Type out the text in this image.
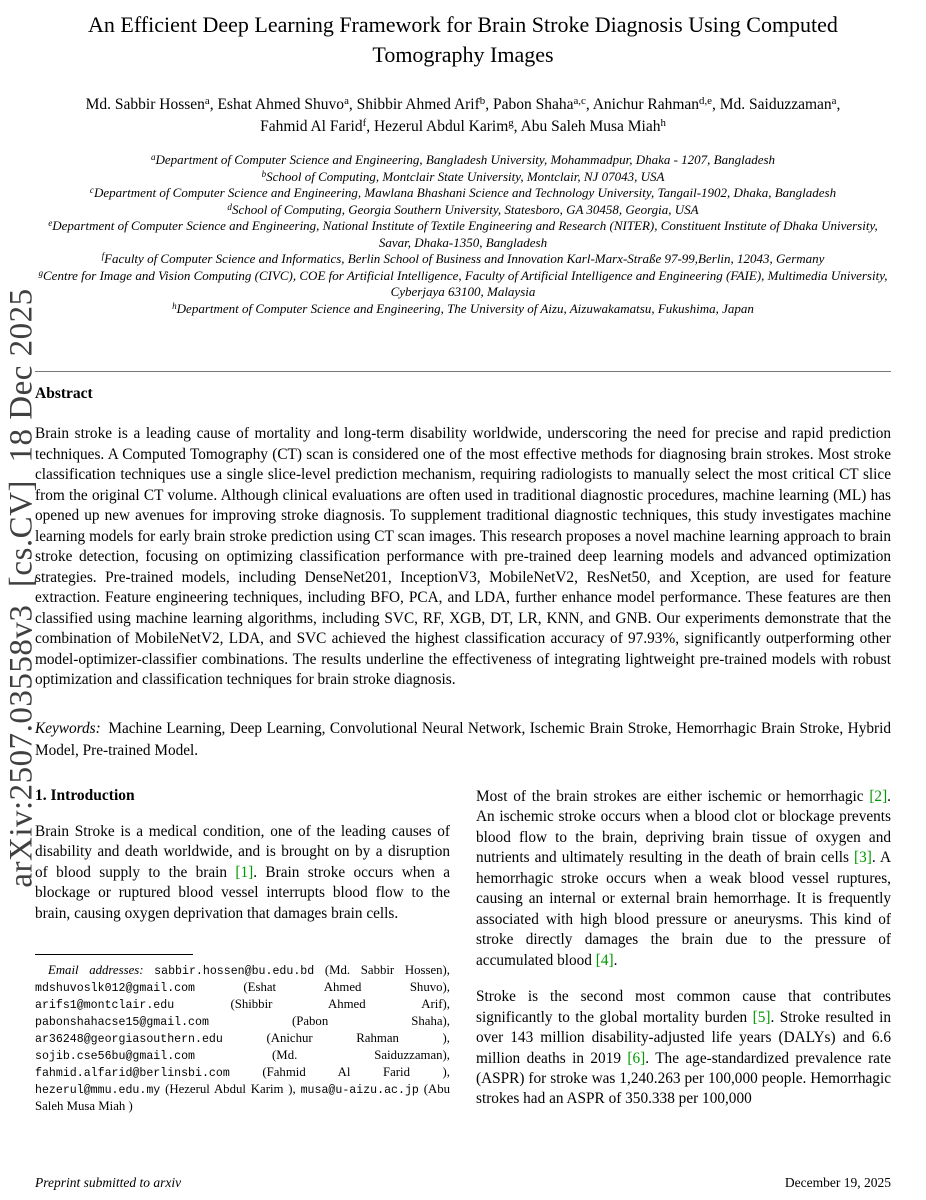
arXiv:2507.03558v3  [cs.CV]  18 Dec 2025
An Efficient Deep Learning Framework for Brain Stroke Diagnosis Using Computed Tomography Images
Md. Sabbir Hossen$^a$, Eshat Ahmed Shuvo$^a$, Shibbir Ahmed Arif$^b$, Pabon Shaha$^{a,c}$, Anichur Rahman$^{d,e}$, Md. Saiduzzaman$^a$,
Fahmid Al Farid$^f$, Hezerul Abdul Karim$^g$, Abu Saleh Musa Miah$^h$
$^a$Department of Computer Science and Engineering, Bangladesh University, Mohammadpur, Dhaka - 1207, Bangladesh
$^b$School of Computing, Montclair State University, Montclair, NJ 07043, USA
$^c$Department of Computer Science and Engineering, Mawlana Bhashani Science and Technology University, Tangail-1902, Dhaka, Bangladesh
$^d$School of Computing, Georgia Southern University, Statesboro, GA 30458, Georgia, USA
$^e$Department of Computer Science and Engineering, National Institute of Textile Engineering and Research (NITER), Constituent Institute of Dhaka University, Savar, Dhaka-1350, Bangladesh
$^f$Faculty of Computer Science and Informatics, Berlin School of Business and Innovation Karl-Marx-Straße 97-99,Berlin, 12043, Germany
$^g$Centre for Image and Vision Computing (CIVC), COE for Artificial Intelligence, Faculty of Artificial Intelligence and Engineering (FAIE), Multimedia University, Cyberjaya 63100, Malaysia
$^h$Department of Computer Science and Engineering, The University of Aizu, Aizuwakamatsu, Fukushima, Japan
Abstract

Brain stroke is a leading cause of mortality and long-term disability worldwide, underscoring the need for precise and rapid prediction techniques. A Computed Tomography (CT) scan is considered one of the most effective methods for diagnosing brain strokes. Most stroke classification techniques use a single slice-level prediction mechanism, requiring radiologists to manually select the most critical CT slice from the original CT volume. Although clinical evaluations are often used in traditional diagnostic procedures, machine learning (ML) has opened up new avenues for improving stroke diagnosis. To supplement traditional diagnostic techniques, this study investigates machine learning models for early brain stroke prediction using CT scan images. This research proposes a novel machine learning approach to brain stroke detection, focusing on optimizing classification performance with pre-trained deep learning models and advanced optimization strategies. Pre-trained models, including DenseNet201, InceptionV3, MobileNetV2, ResNet50, and Xception, are used for feature extraction. Feature engineering techniques, including BFO, PCA, and LDA, further enhance model performance. These features are then classified using machine learning algorithms, including SVC, RF, XGB, DT, LR, KNN, and GNB. Our experiments demonstrate that the combination of MobileNetV2, LDA, and SVC achieved the highest classification accuracy of 97.93%, significantly outperforming other model-optimizer-classifier combinations. The results underline the effectiveness of integrating lightweight pre-trained models with robust optimization and classification techniques for brain stroke diagnosis.

Keywords: Machine Learning, Deep Learning, Convolutional Neural Network, Ischemic Brain Stroke, Hemorrhagic Brain Stroke, Hybrid Model, Pre-trained Model.

1. Introduction

Brain Stroke is a medical condition, one of the leading causes of disability and death worldwide, and is brought on by a disruption of blood supply to the brain [1]. Brain stroke occurs when a blockage or ruptured blood vessel interrupts blood flow to the brain, causing oxygen deprivation that damages brain cells.

Email addresses: sabbir.hossen@bu.edu.bd (Md. Sabbir Hossen), mdshuvoslk012@gmail.com (Eshat Ahmed Shuvo), arifs1@montclair.edu (Shibbir Ahmed Arif), pabonshahacse15@gmail.com (Pabon Shaha), ar36248@georgiasouthern.edu (Anichur Rahman ), sojib.cse56bu@gmail.com (Md. Saiduzzaman), fahmid.alfarid@berlinsbi.com (Fahmid Al Farid ), hezerul@mmu.edu.my (Hezerul Abdul Karim ), musa@u-aizu.ac.jp (Abu Saleh Musa Miah )

Most of the brain strokes are either ischemic or hemorrhagic [2]. An ischemic stroke occurs when a blood clot or blockage prevents blood flow to the brain, depriving brain tissue of oxygen and nutrients and ultimately resulting in the death of brain cells [3]. A hemorrhagic stroke occurs when a weak blood vessel ruptures, causing an internal or external brain hemorrhage. It is frequently associated with high blood pressure or aneurysms. This kind of stroke directly damages the brain due to the pressure of accumulated blood [4].

Stroke is the second most common cause that contributes significantly to the global mortality burden [5]. Stroke resulted in over 143 million disability-adjusted life years (DALYs) and 6.6 million deaths in 2019 [6]. The age-standardized prevalence rate (ASPR) for stroke was 1,240.263 per 100,000 people. Hemorrhagic strokes had an ASPR of 350.338 per 100,000

Preprint submitted to arxiv	December 19, 2025
